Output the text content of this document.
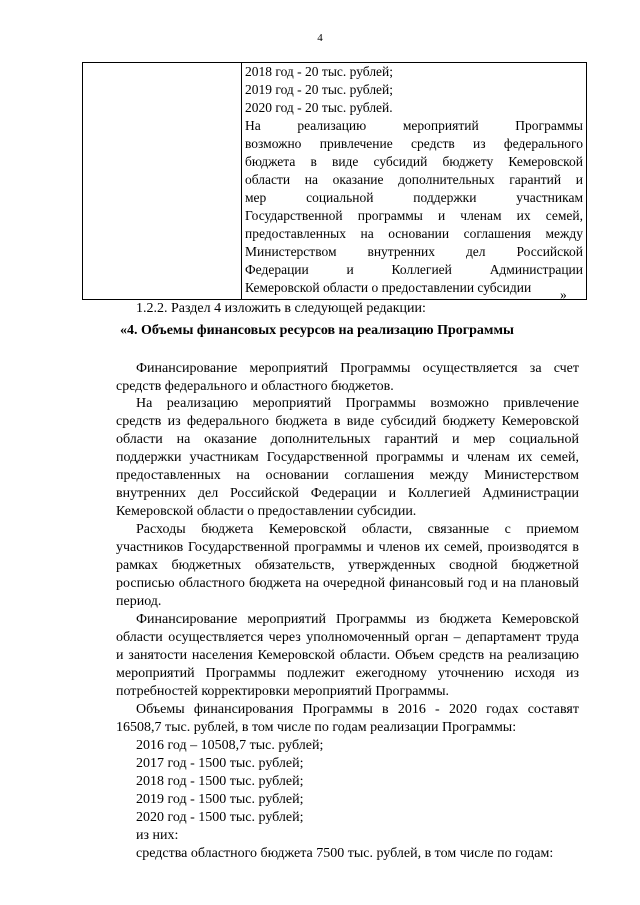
4

2018 год - 20 тыс. рублей;
2019 год - 20 тыс. рублей;
2020 год - 20 тыс. рублей.
На реализацию мероприятий Программы
возможно привлечение средств из федерального
бюджета в виде субсидий бюджету Кемеровской
области на оказание дополнительных гарантий и
мер социальной поддержки участникам
Государственной программы и членам их семей,
предоставленных на основании соглашения между
Министерством внутренних дел Российской
Федерации и Коллегией Администрации
Кемеровской области о предоставлении субсидии	»
1.2.2. Раздел 4 изложить в следующей редакции:
«4. Объемы финансовых ресурсов на реализацию Программы
Финансирование мероприятий Программы осуществляется за счет
средств федерального и областного бюджетов.
На реализацию мероприятий Программы возможно привлечение
средств из федерального бюджета в виде субсидий бюджету Кемеровской
области на оказание дополнительных гарантий и мер социальной
поддержки участникам Государственной программы и членам их семей,
предоставленных на основании соглашения между Министерством
внутренних дел Российской Федерации и Коллегией Администрации
Кемеровской области о предоставлении субсидии.
Расходы бюджета Кемеровской области, связанные с приемом
участников Государственной программы и членов их семей, производятся в
рамках бюджетных обязательств, утвержденных сводной бюджетной
росписью областного бюджета на очередной финансовый год и на плановый
период.
Финансирование мероприятий Программы из бюджета Кемеровской
области осуществляется через уполномоченный орган – департамент труда
и занятости населения Кемеровской области. Объем средств на реализацию
мероприятий Программы подлежит ежегодному уточнению исходя из
потребностей корректировки мероприятий Программы.
Объемы финансирования Программы в 2016 - 2020 годах составят
16508,7 тыс. рублей, в том числе по годам реализации Программы:
2016 год – 10508,7 тыс. рублей;
2017 год - 1500 тыс. рублей;
2018 год - 1500 тыс. рублей;
2019 год - 1500 тыс. рублей;
2020 год - 1500 тыс. рублей;
из них:
средства областного бюджета 7500 тыс. рублей, в том числе по годам:
